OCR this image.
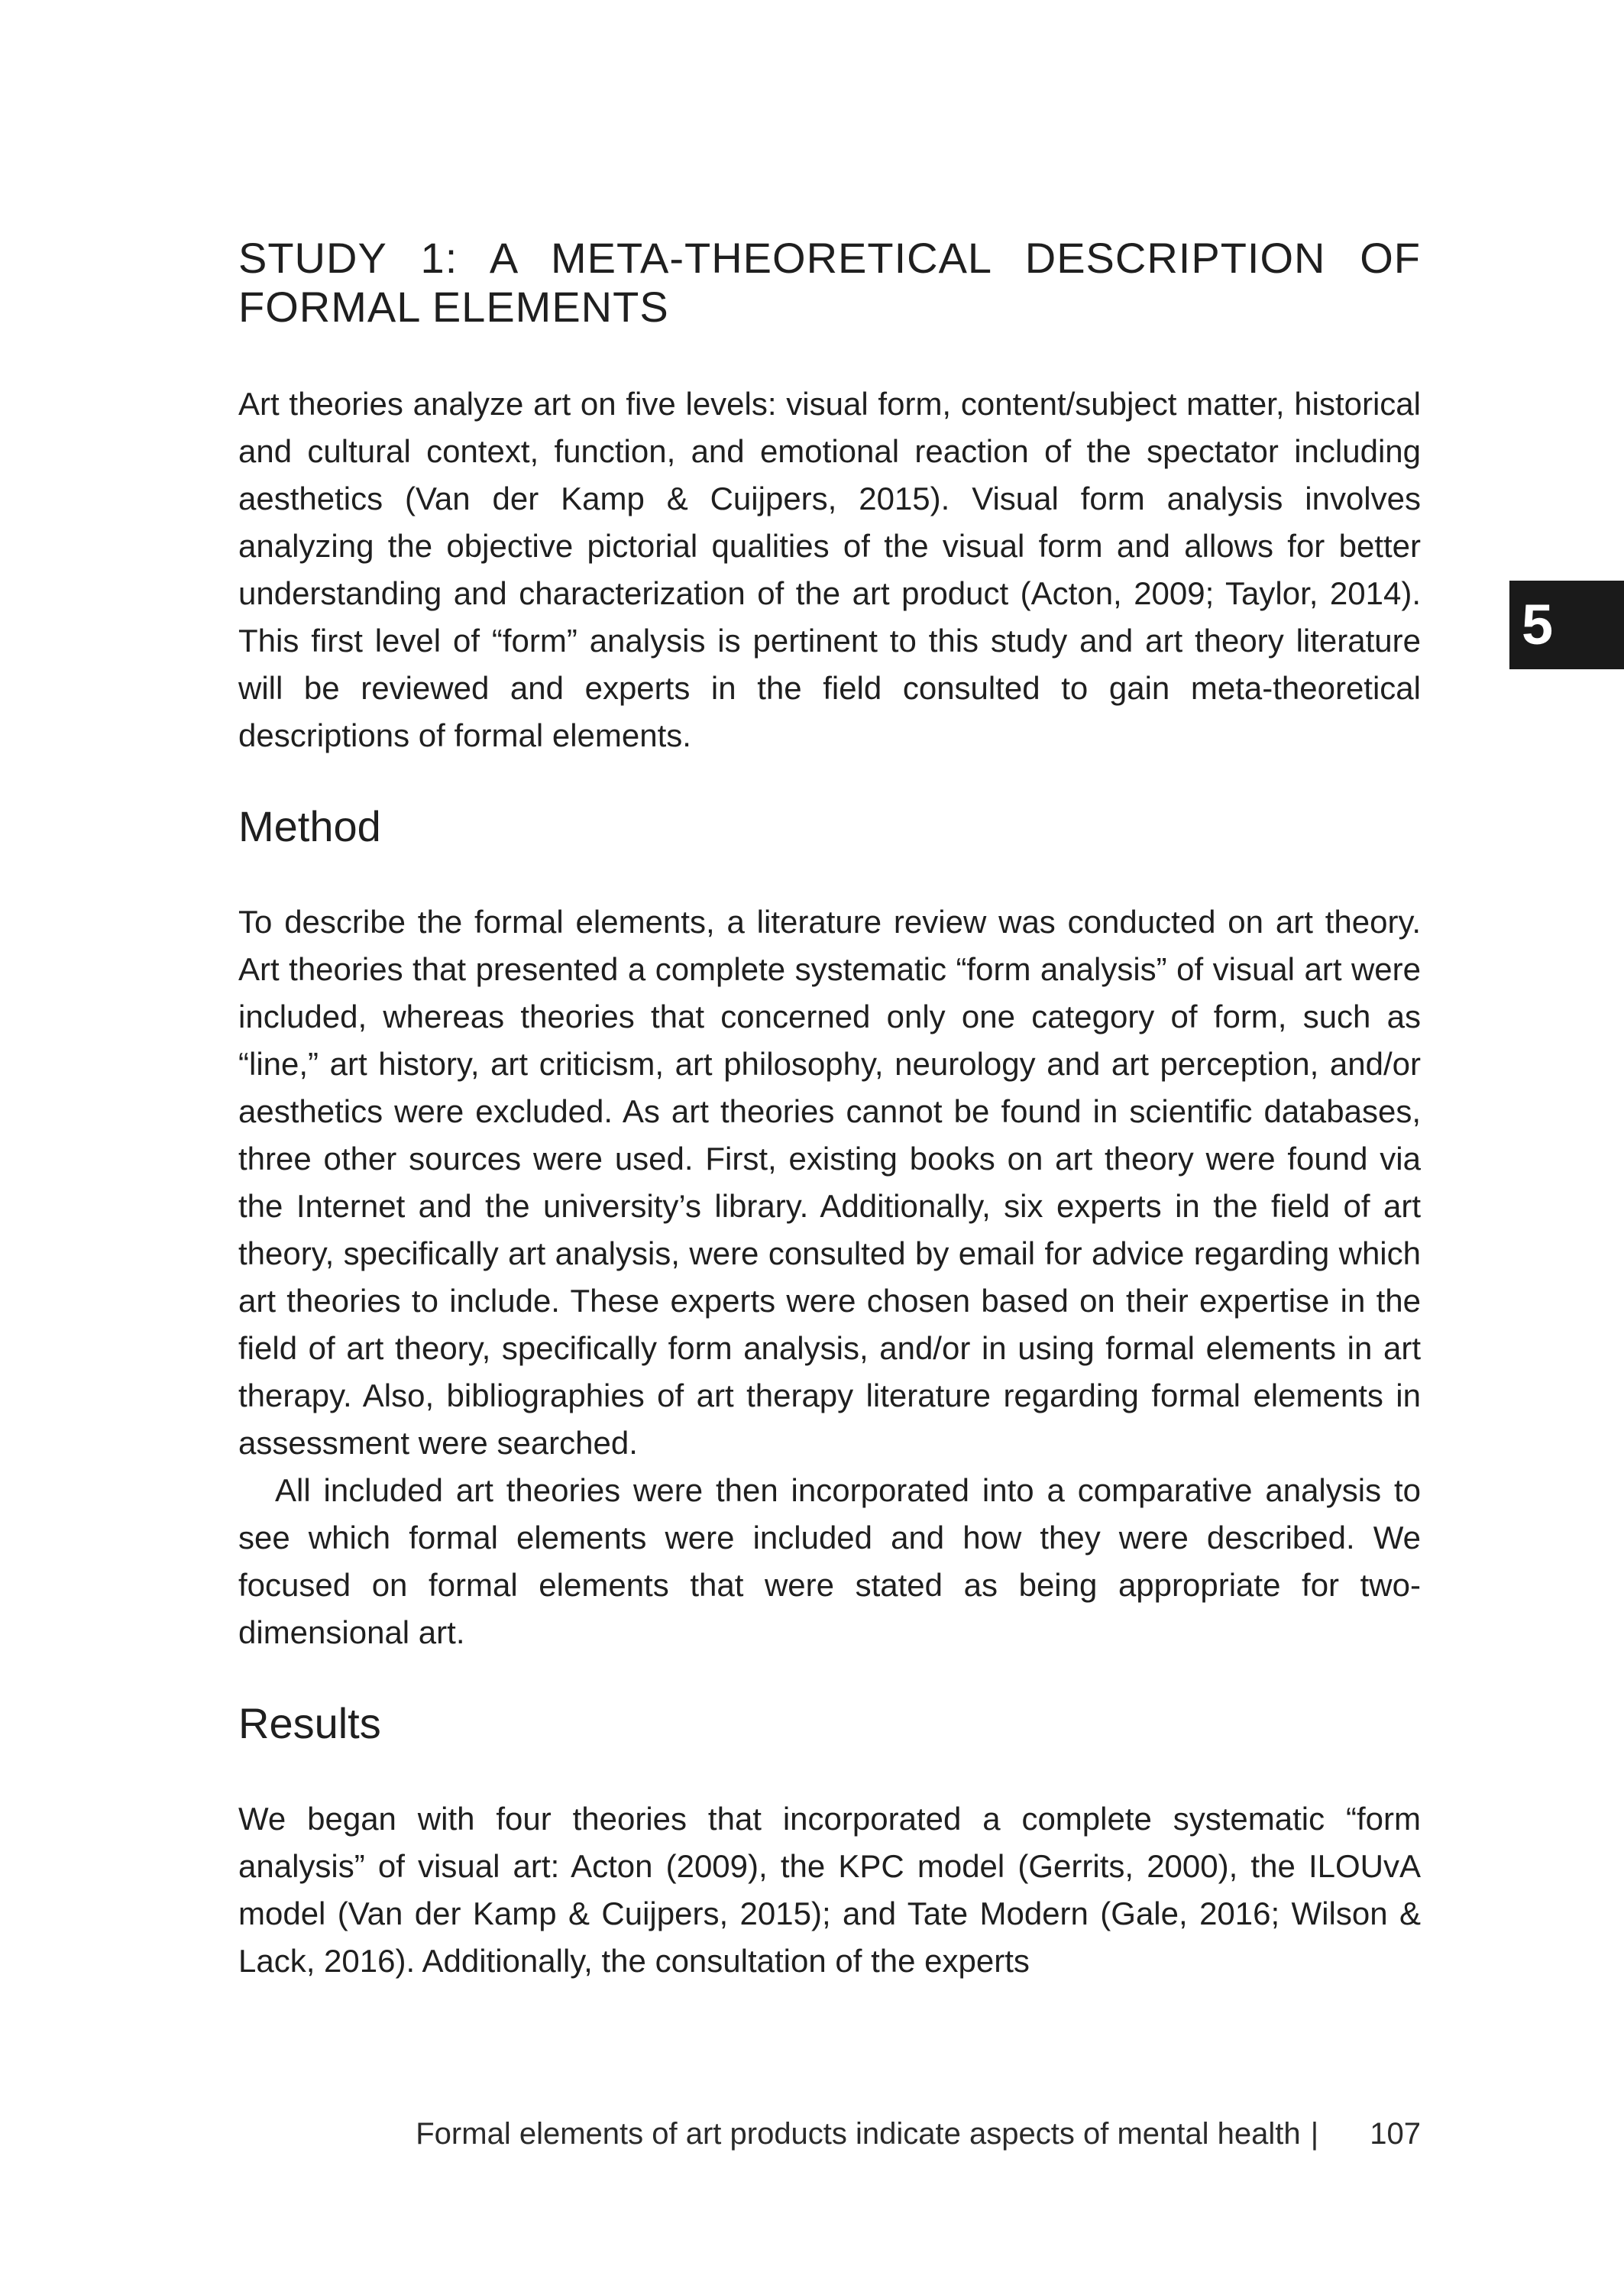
5
STUDY 1: A META-THEORETICAL DESCRIPTION OF FORMAL ELEMENTS

Art theories analyze art on five levels: visual form, content/subject matter, historical and cultural context, function, and emotional reaction of the spectator including aesthetics (Van der Kamp & Cuijpers, 2015). Visual form analysis involves analyzing the objective pictorial qualities of the visual form and allows for better understanding and characterization of the art product (Acton, 2009; Taylor, 2014). This first level of “form” analysis is pertinent to this study and art theory literature will be reviewed and experts in the field consulted to gain meta-theoretical descriptions of formal elements.

Method

To describe the formal elements, a literature review was conducted on art theory. Art theories that presented a complete systematic “form analysis” of visual art were included, whereas theories that concerned only one category of form, such as “line,” art history, art criticism, art philosophy, neurology and art perception, and/or aesthetics were excluded. As art theories cannot be found in scientific databases, three other sources were used. First, existing books on art theory were found via the Internet and the university’s library. Additionally, six experts in the field of art theory, specifically art analysis, were consulted by email for advice regarding which art theories to include. These experts were chosen based on their expertise in the field of art theory, specifically form analysis, and/or in using formal elements in art therapy. Also, bibliographies of art therapy literature regarding formal elements in assessment were searched.

All included art theories were then incorporated into a comparative analysis to see which formal elements were included and how they were described. We focused on formal elements that were stated as being appropriate for two-dimensional art.

Results

We began with four theories that incorporated a complete systematic “form analysis” of visual art: Acton (2009), the KPC model (Gerrits, 2000), the ILOUvA model (Van der Kamp & Cuijpers, 2015); and Tate Modern (Gale, 2016; Wilson & Lack, 2016). Additionally, the consultation of the experts

Formal elements of art products indicate aspects of mental health | 107
